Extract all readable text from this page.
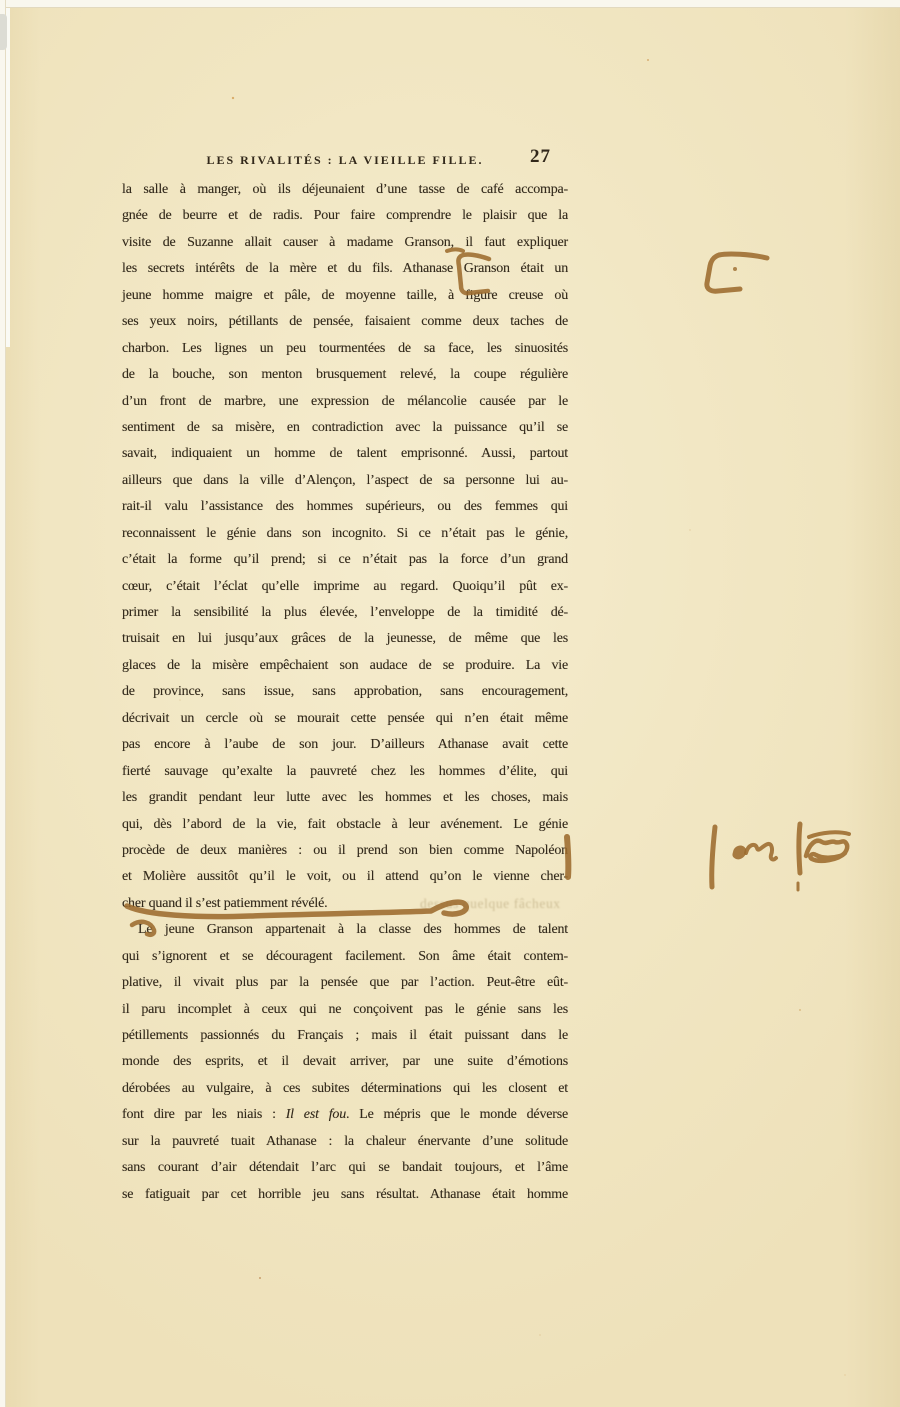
LES RIVALITÉS : LA VIEILLE FILLE. 27
dessus quelque fâcheux
la salle à manger, où ils déjeunaient d’une tasse de café accompa-
gnée de beurre et de radis. Pour faire comprendre le plaisir que la
visite de Suzanne allait causer à madame Granson, il faut expliquer
les secrets intérêts de la mère et du fils. Athanase Granson était un
jeune homme maigre et pâle, de moyenne taille, à figure creuse où
ses yeux noirs, pétillants de pensée, faisaient comme deux taches de
charbon. Les lignes un peu tourmentées de sa face, les sinuosités
de la bouche, son menton brusquement relevé, la coupe régulière
d’un front de marbre, une expression de mélancolie causée par le
sentiment de sa misère, en contradiction avec la puissance qu’il se
savait, indiquaient un homme de talent emprisonné. Aussi, partout
ailleurs que dans la ville d’Alençon, l’aspect de sa personne lui au-
rait-il valu l’assistance des hommes supérieurs, ou des femmes qui
reconnaissent le génie dans son incognito. Si ce n’était pas le génie,
c’était la forme qu’il prend; si ce n’était pas la force d’un grand
cœur, c’était l’éclat qu’elle imprime au regard. Quoiqu’il pût ex-
primer la sensibilité la plus élevée, l’enveloppe de la timidité dé-
truisait en lui jusqu’aux grâces de la jeunesse, de même que les
glaces de la misère empêchaient son audace de se produire. La vie
de province, sans issue, sans approbation, sans encouragement,
décrivait un cercle où se mourait cette pensée qui n’en était même
pas encore à l’aube de son jour. D’ailleurs Athanase avait cette
fierté sauvage qu’exalte la pauvreté chez les hommes d’élite, qui
les grandit pendant leur lutte avec les hommes et les choses, mais
qui, dès l’abord de la vie, fait obstacle à leur avénement. Le génie
procède de deux manières : ou il prend son bien comme Napoléon
et Molière aussitôt qu’il le voit, ou il attend qu’on le vienne cher-
cher quand il s’est patiemment révélé.
Le jeune Granson appartenait à la classe des hommes de talent
qui s’ignorent et se découragent facilement. Son âme était contem-
plative, il vivait plus par la pensée que par l’action. Peut-être eût-
il paru incomplet à ceux qui ne conçoivent pas le génie sans les
pétillements passionnés du Français ; mais il était puissant dans le
monde des esprits, et il devait arriver, par une suite d’émotions
dérobées au vulgaire, à ces subites déterminations qui les closent et
font dire par les niais : Il est fou. Le mépris que le monde déverse
sur la pauvreté tuait Athanase : la chaleur énervante d’une solitude
sans courant d’air détendait l’arc qui se bandait toujours, et l’âme
se fatiguait par cet horrible jeu sans résultat. Athanase était homme
